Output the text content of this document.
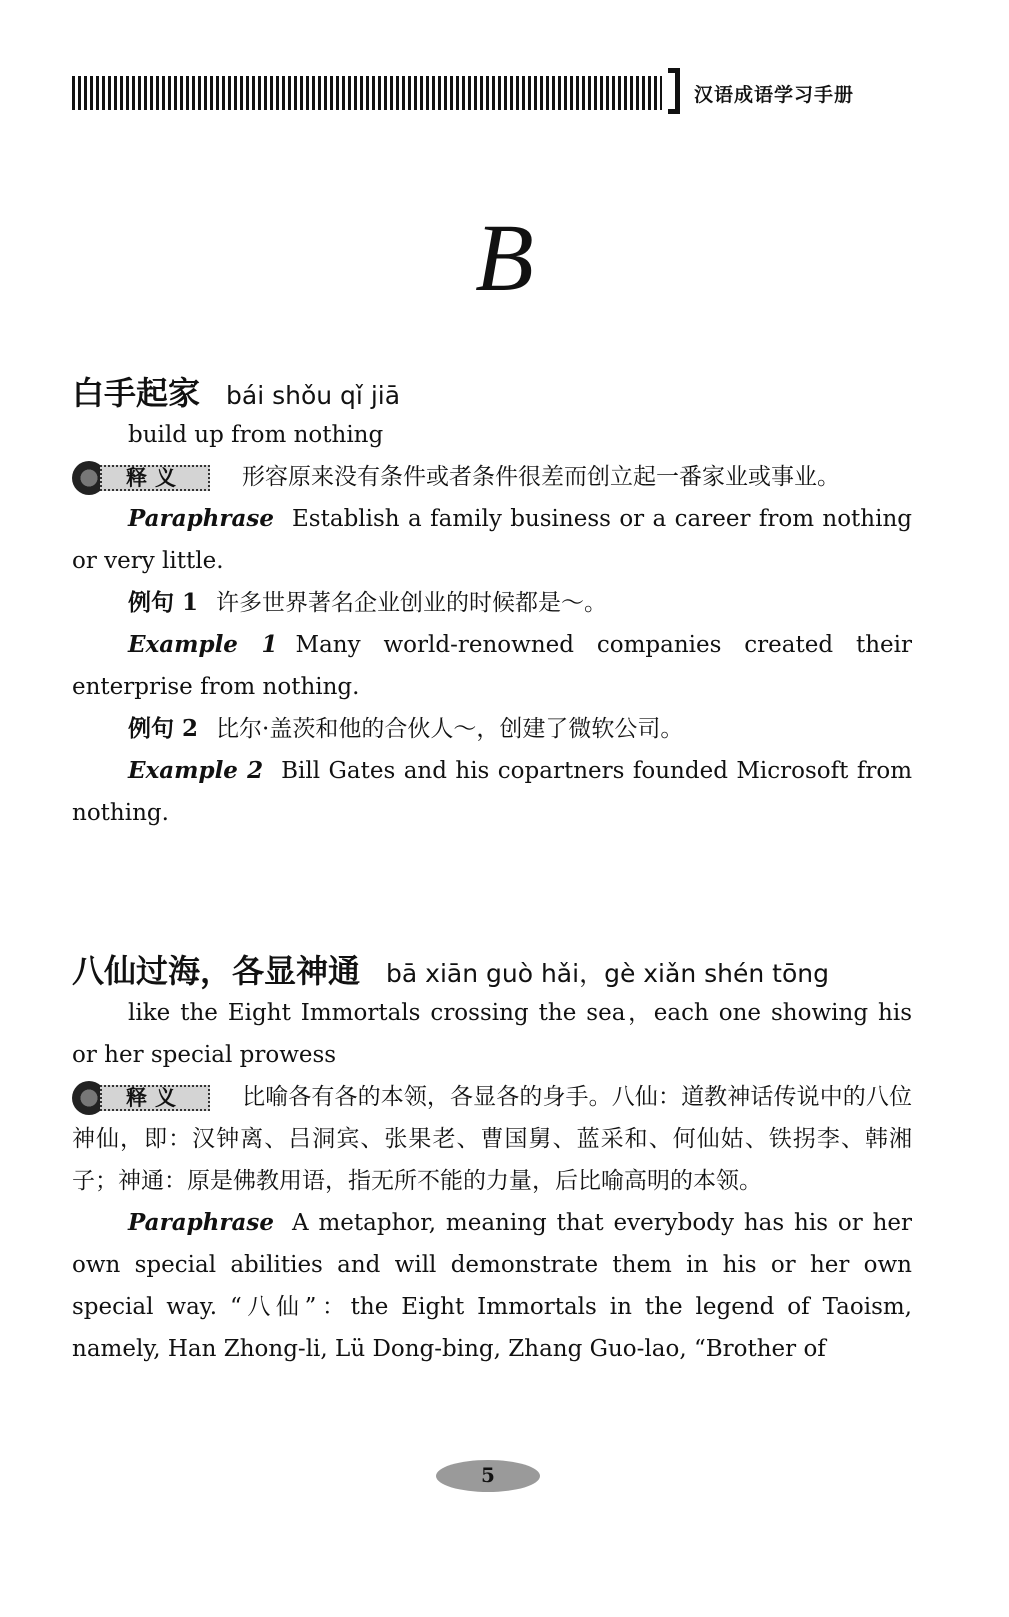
汉语成语学习手册
B
白手起家 bái shǒu qǐ jiā
build up from nothing
释义	形容原来没有条件或者条件很差而创立起一番家业或事业。
Paraphrase Establish a family business or a career from nothing or very little.
例句 1 许多世界著名企业创业的时候都是～。
Example 1 Many world-renowned companies created their enterprise from nothing.
例句 2 比尔·盖茨和他的合伙人～，创建了微软公司。
Example 2 Bill Gates and his copartners founded Microsoft from nothing.
八仙过海，各显神通 bā xiān guò hǎi，gè xiǎn shén tōng
like the Eight Immortals crossing the sea，each one showing his or her special prowess
释义	比喻各有各的本领，各显各的身手。八仙：道教神话传说中的八位神仙，即：汉钟离、吕洞宾、张果老、曹国舅、蓝采和、何仙姑、铁拐李、韩湘子；神通：原是佛教用语，指无所不能的力量，后比喻高明的本领。
Paraphrase A metaphor, meaning that everybody has his or her own special abilities and will demonstrate them in his or her own special way. “八仙”：the Eight Immortals in the legend of Taoism, namely, Han Zhong-li, Lü Dong-bing, Zhang Guo-lao, “Brother of
5
